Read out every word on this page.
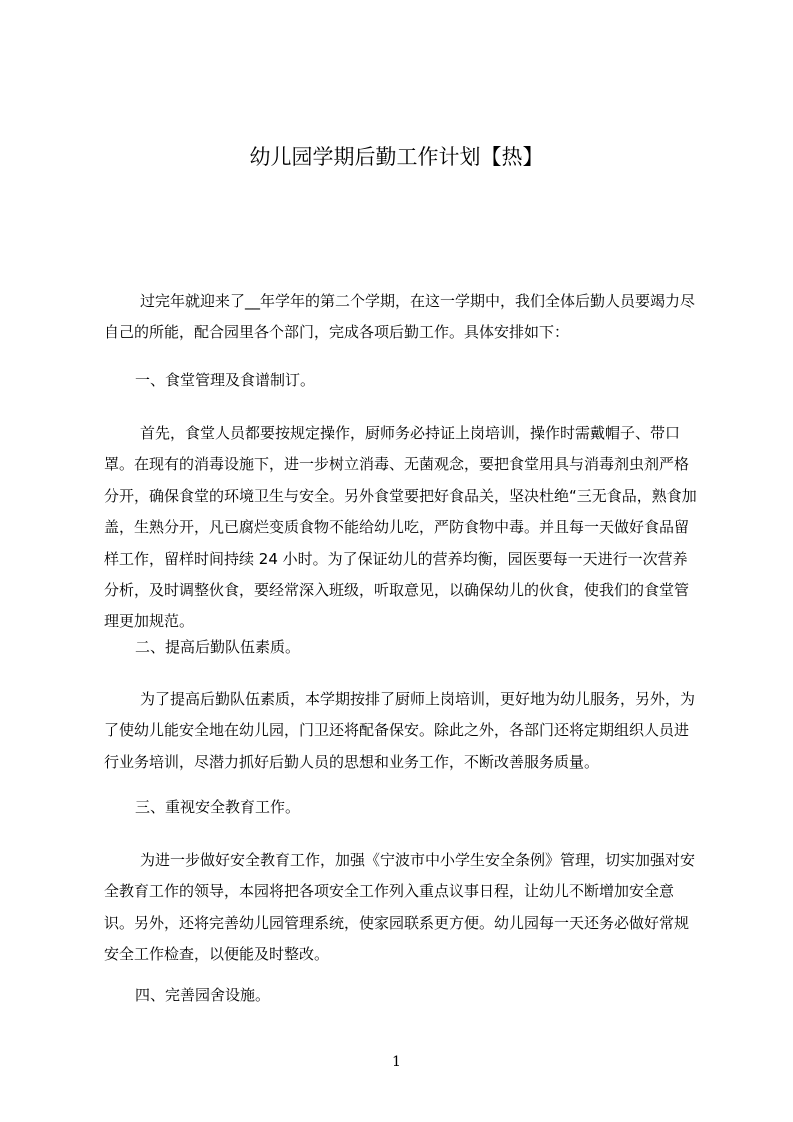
幼儿园学期后勤工作计划【热】

过完年就迎来了__年学年的第二个学期，在这一学期中，我们全体后勤人员要竭力尽自己的所能，配合园里各个部门，完成各项后勤工作。具体安排如下：

一、食堂管理及食谱制订。

首先，食堂人员都要按规定操作，厨师务必持证上岗培训，操作时需戴帽子、带口罩。在现有的消毒设施下，进一步树立消毒、无菌观念，要把食堂用具与消毒剂虫剂严格分开，确保食堂的环境卫生与安全。另外食堂要把好食品关，坚决杜绝“三无食品，熟食加盖，生熟分开，凡已腐烂变质食物不能给幼儿吃，严防食物中毒。并且每一天做好食品留样工作，留样时间持续 24 小时。为了保证幼儿的营养均衡，园医要每一天进行一次营养分析，及时调整伙食，要经常深入班级，听取意见，以确保幼儿的伙食，使我们的食堂管理更加规范。

二、提高后勤队伍素质。

为了提高后勤队伍素质，本学期按排了厨师上岗培训，更好地为幼儿服务，另外，为了使幼儿能安全地在幼儿园，门卫还将配备保安。除此之外，各部门还将定期组织人员进行业务培训，尽潜力抓好后勤人员的思想和业务工作，不断改善服务质量。

三、重视安全教育工作。

为进一步做好安全教育工作，加强《宁波市中小学生安全条例》管理，切实加强对安全教育工作的领导，本园将把各项安全工作列入重点议事日程，让幼儿不断增加安全意识。另外，还将完善幼儿园管理系统，使家园联系更方便。幼儿园每一天还务必做好常规安全工作检查，以便能及时整改。

四、完善园舍设施。

1
